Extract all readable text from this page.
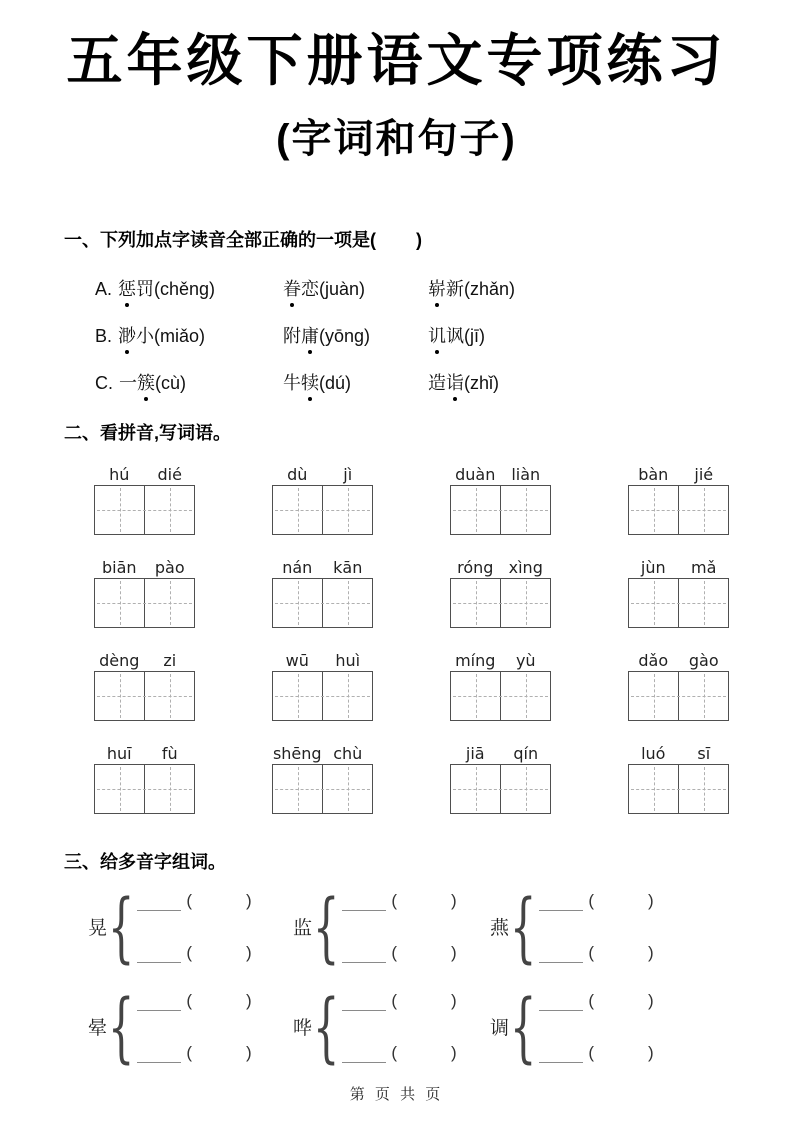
五年级下册语文专项练习
(字词和句子)
一、下列加点字读音全部正确的一项是(        )
A. 惩罚(chěng)	眷恋(juàn)	崭新(zhǎn)
B. 渺小(miǎo)	附庸(yōng)	讥讽(jī)
C. 一簇(cù)	牛犊(dú)	造诣(zhǐ)
二、看拼音,写词语。
hú	dié	dù	jì	duàn liàn	bàn	jié
biān	pào	nán	kān	róng xìng	jùn	mǎ
dèng	zi	wū	huì	míng	yù	dǎo	gào
huī	fù	shēng chù	jiā	qín	luó	sī
三、给多音字组词。
晃 {	(	)
(	)
监 {	(	)
(	)
燕 {	(	)
(	)
晕 {	(	)
(	)
哗 {	(	)
(	)
调 {	(	)
(	)
第 页 共 页
